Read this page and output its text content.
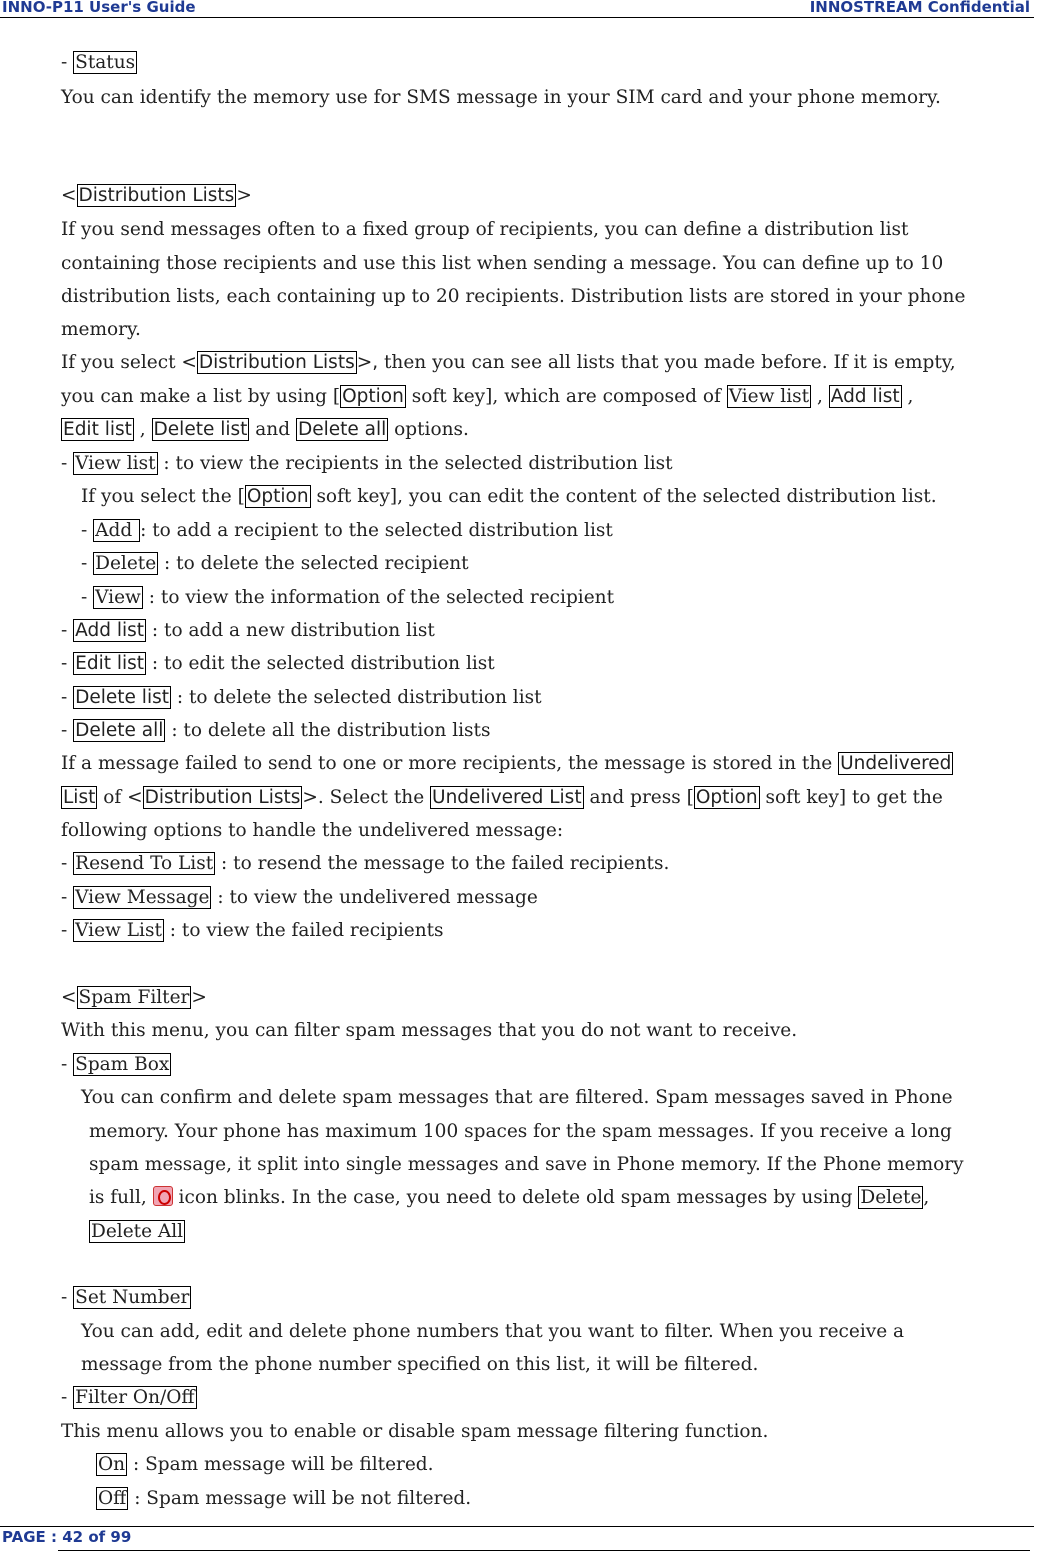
INNO-P11 User's Guide	INNOSTREAM Confidential
- Status
You can identify the memory use for SMS message in your SIM card and your phone memory.
< Distribution Lists >
If you send messages often to a fixed group of recipients, you can define a distribution list
containing those recipients and use this list when sending a message. You can define up to 10
distribution lists, each containing up to 20 recipients. Distribution lists are stored in your phone
memory.
If you select < Distribution Lists >, then you can see all lists that you made before. If it is empty,
you can make a list by using [ Option soft key], which are composed of View list , Add list ,
Edit list , Delete list and Delete all options.
- View list : to view the recipients in the selected distribution list
If you select the [ Option soft key], you can edit the content of the selected distribution list.
- Add : to add a recipient to the selected distribution list
- Delete : to delete the selected recipient
- View : to view the information of the selected recipient
- Add list : to add a new distribution list
- Edit list : to edit the selected distribution list
- Delete list : to delete the selected distribution list
- Delete all : to delete all the distribution lists
If a message failed to send to one or more recipients, the message is stored in the Undelivered
List of < Distribution Lists >. Select the Undelivered List and press [ Option soft key] to get the
following options to handle the undelivered message:
- Resend To List : to resend the message to the failed recipients.
- View Message : to view the undelivered message
- View List : to view the failed recipients
< Spam Filter >
With this menu, you can filter spam messages that you do not want to receive.
- Spam Box
You can confirm and delete spam messages that are filtered. Spam messages saved in Phone
memory. Your phone has maximum 100 spaces for the spam messages. If you receive a long
spam message, it split into single messages and save in Phone memory. If the Phone memory
is full,  icon blinks. In the case, you need to delete old spam messages by using Delete ,
Delete All
- Set Number
You can add, edit and delete phone numbers that you want to filter. When you receive a
message from the phone number specified on this list, it will be filtered.
- Filter On/Off
This menu allows you to enable or disable spam message filtering function.
On : Spam message will be filtered.
Off : Spam message will be not filtered.
PAGE : 42 of 99
